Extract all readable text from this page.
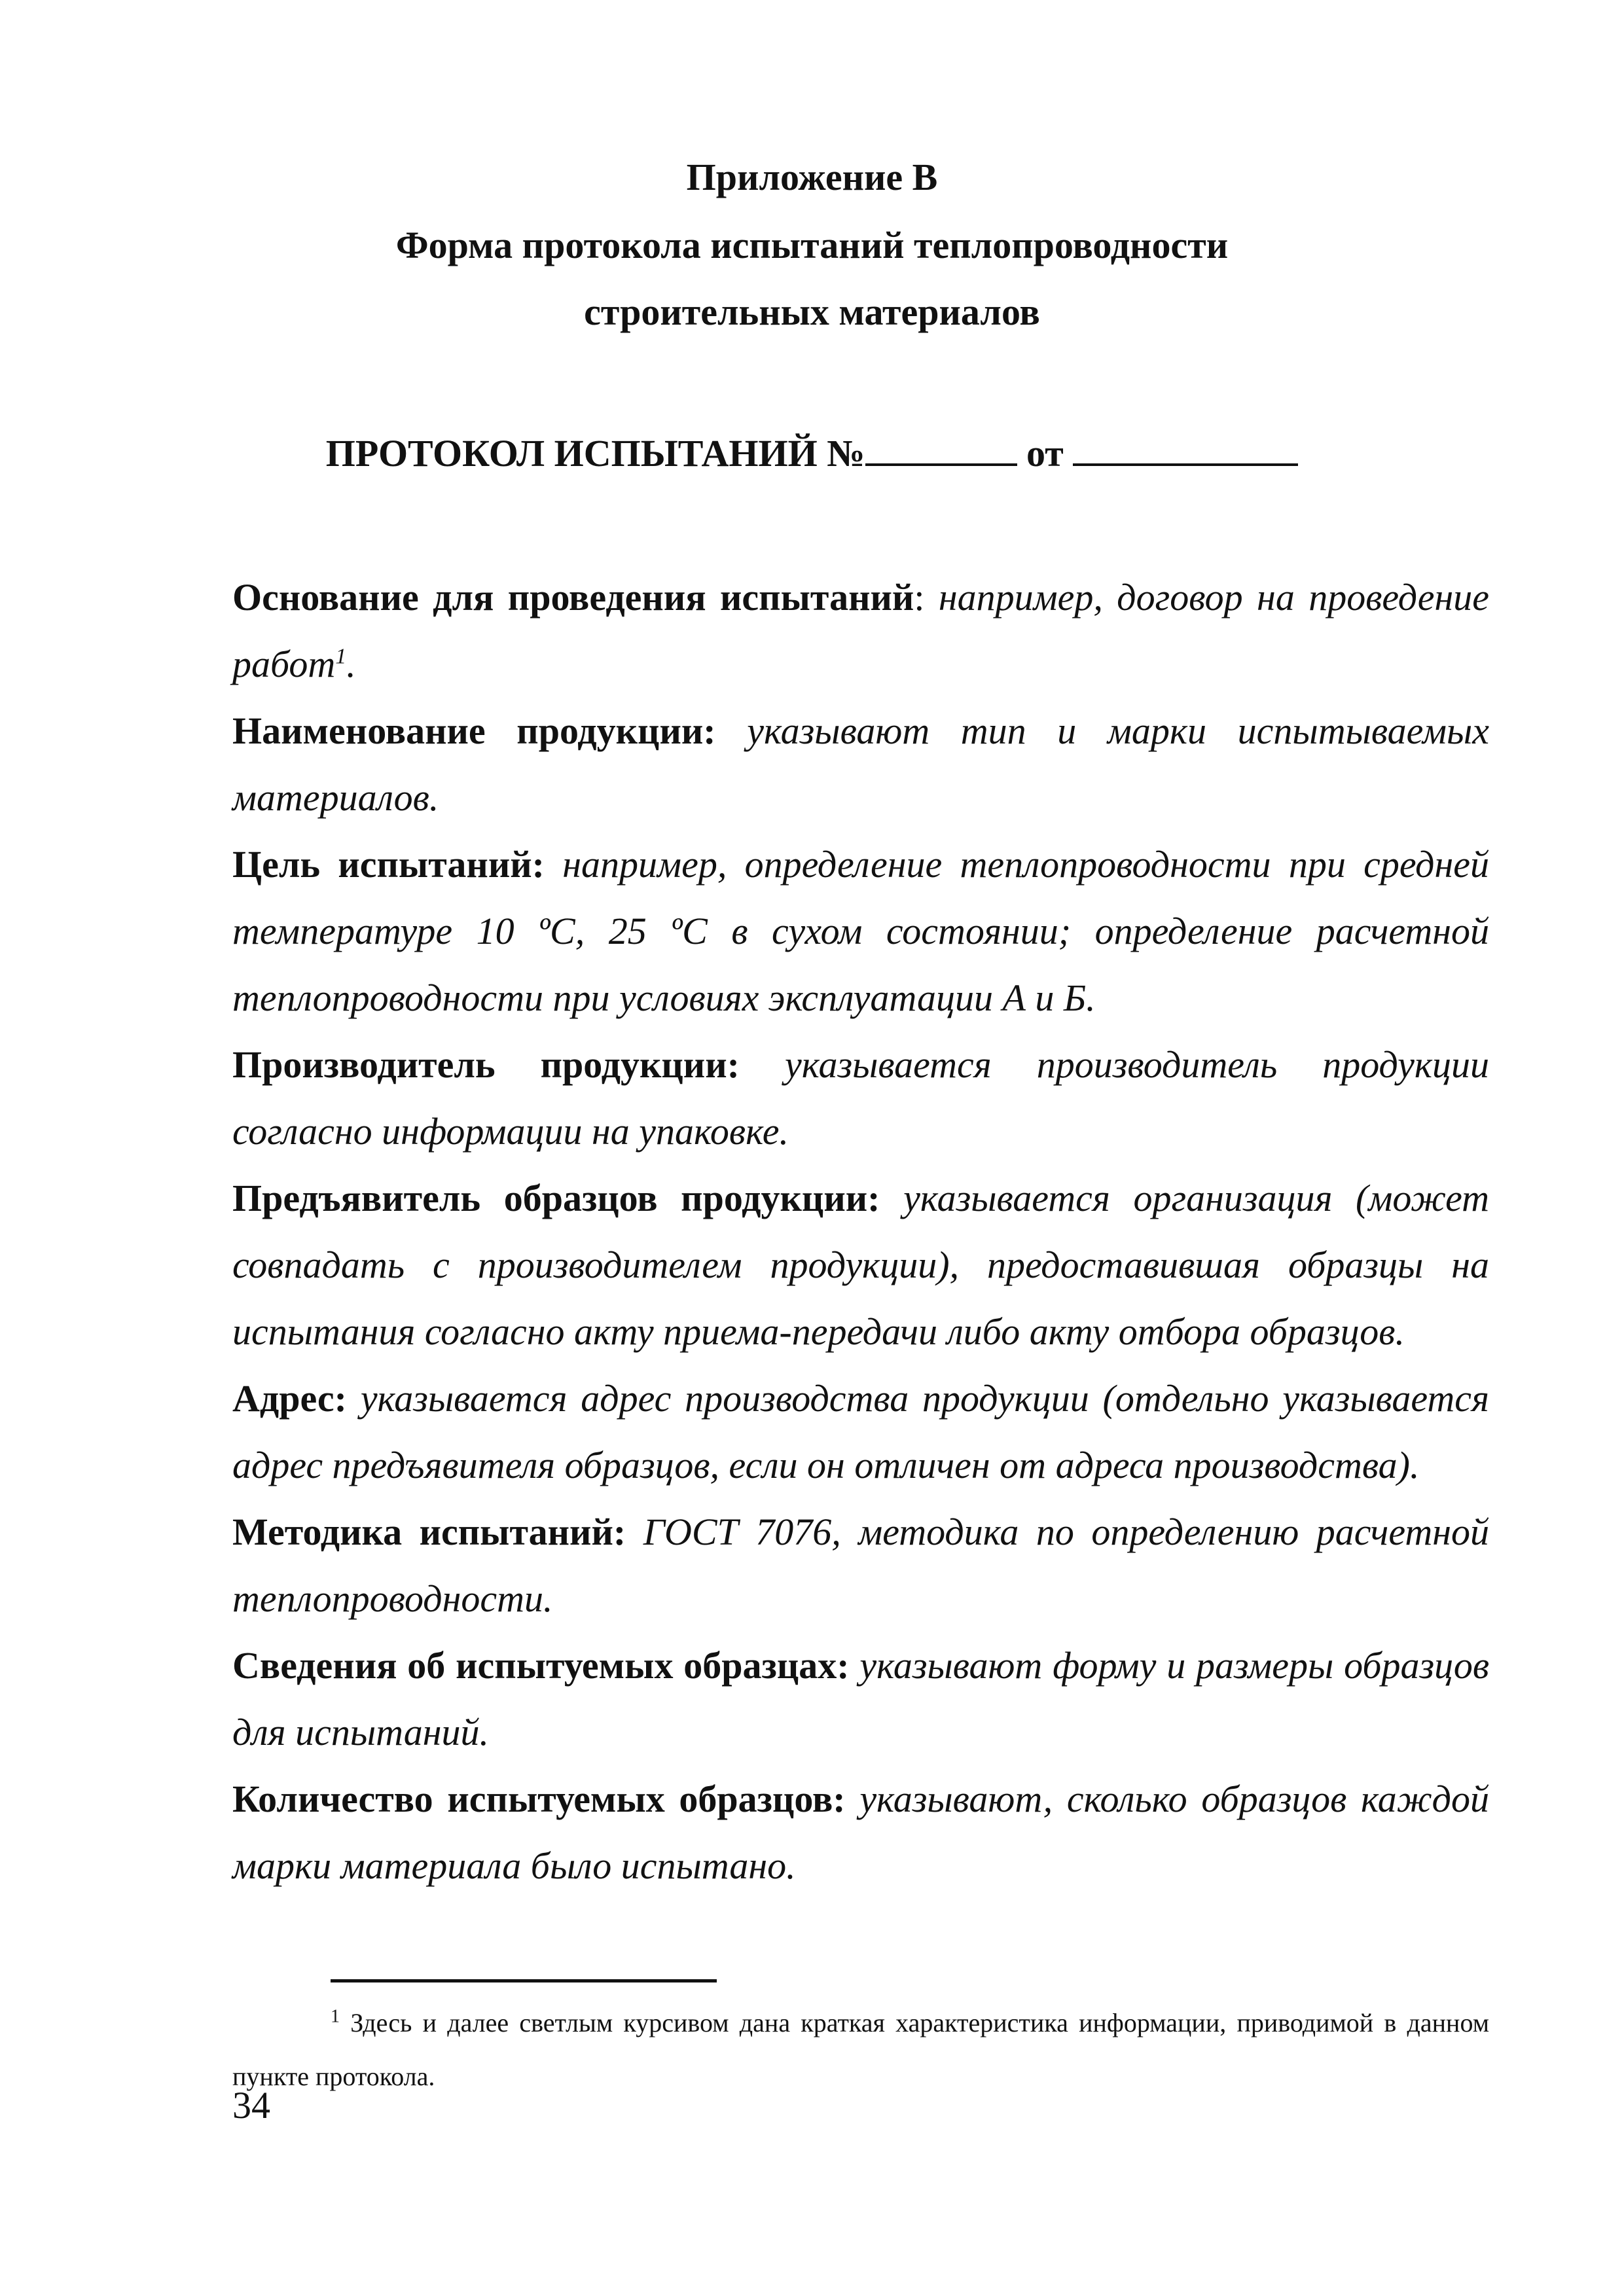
Приложение В
Форма протокола испытаний теплопроводности
строительных материалов
ПРОТОКОЛ ИСПЫТАНИЙ №	от

Основание для проведения испытаний: например, договор на проведение работ$^1$.

Наименование продукции: указывают тип и марки испытываемых материалов.

Цель испытаний: например, определение теплопроводности при средней температуре 10 ºС, 25 ºС в сухом состоянии; определение расчетной теплопроводности при условиях эксплуатации А и Б.

Производитель продукции: указывается производитель продукции согласно информации на упаковке.

Предъявитель образцов продукции: указывается организация (может совпадать с производителем продукции), предоставившая образцы на испытания согласно акту приема-передачи либо акту отбора образцов.

Адрес: указывается адрес производства продукции (отдельно указывается адрес предъявителя образцов, если он отличен от адреса производства).

Методика испытаний: ГОСТ 7076, методика по определению расчетной теплопроводности.

Сведения об испытуемых образцах: указывают форму и размеры образцов для испытаний.

Количество испытуемых образцов: указывают, сколько образцов каждой марки материала было испытано.

$^1$ Здесь и далее светлым курсивом дана краткая характеристика информации, приводимой в данном пункте протокола.
34
